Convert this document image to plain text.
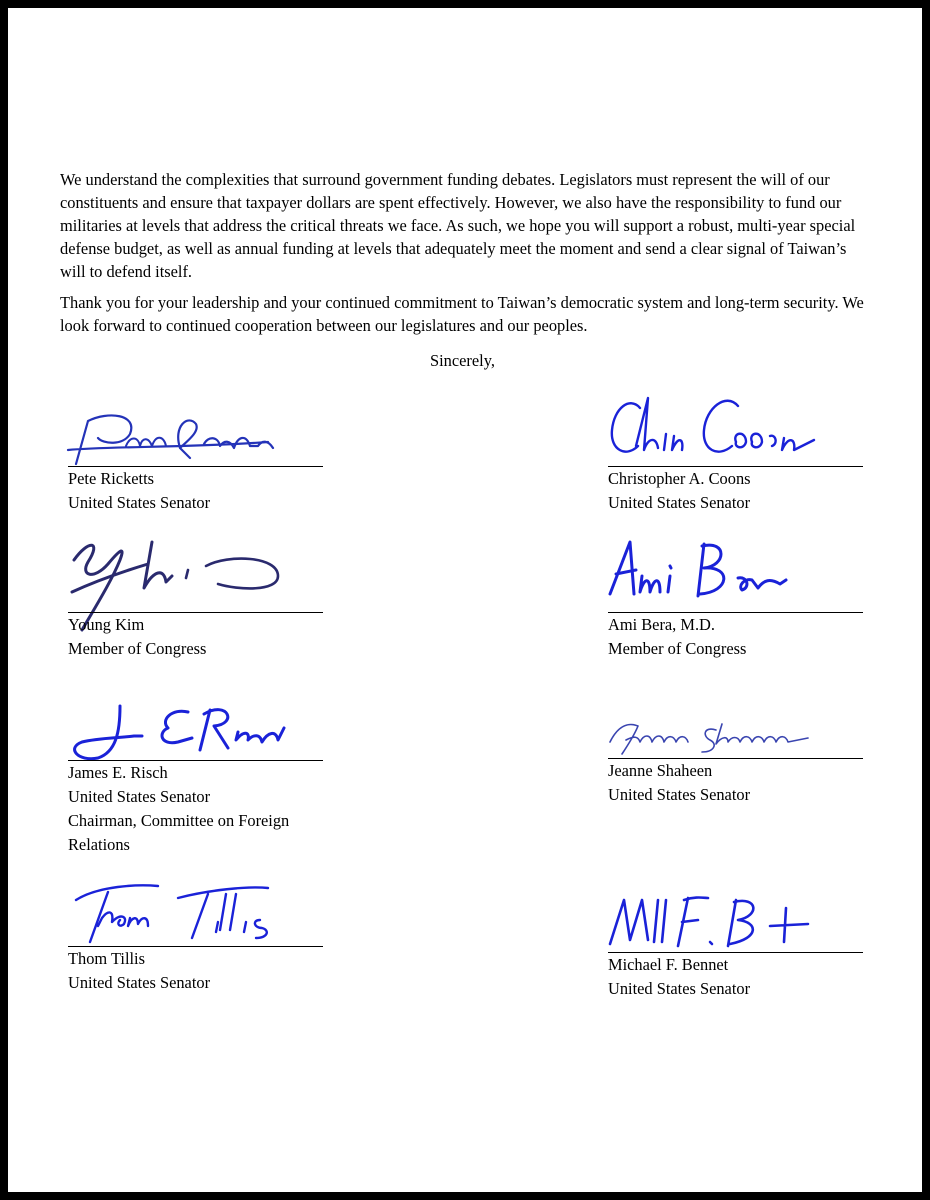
We understand the complexities that surround government funding debates. Legislators must represent the will of our constituents and ensure that taxpayer dollars are spent effectively. However, we also have the responsibility to fund our militaries at levels that address the critical threats we face. As such, we hope you will support a robust, multi-year special defense budget, as well as annual funding at levels that adequately meet the moment and send a clear signal of Taiwan’s will to defend itself.

Thank you for your leadership and your continued commitment to Taiwan’s democratic system and long-term security. We look forward to continued cooperation between our legislatures and our peoples.

Sincerely,
Pete Ricketts
United States Senator
Christopher A. Coons
United States Senator
Young Kim
Member of Congress
Ami Bera, M.D.
Member of Congress
James E. Risch
United States Senator
Chairman, Committee on Foreign
Relations
Jeanne Shaheen
United States Senator
Thom Tillis
United States Senator
Michael F. Bennet
United States Senator
